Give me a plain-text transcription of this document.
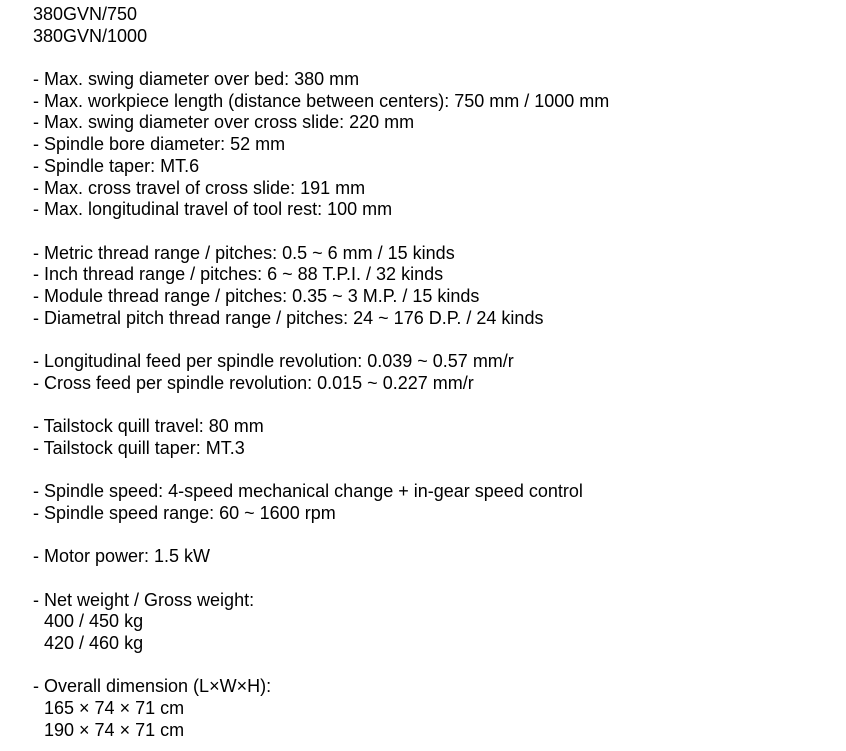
380GVN/750
380GVN/1000
- Max. swing diameter over bed: 380 mm
- Max. workpiece length (distance between centers): 750 mm / 1000 mm
- Max. swing diameter over cross slide: 220 mm
- Spindle bore diameter: 52 mm
- Spindle taper: MT.6
- Max. cross travel of cross slide: 191 mm
- Max. longitudinal travel of tool rest: 100 mm
- Metric thread range / pitches: 0.5 ~ 6 mm / 15 kinds
- Inch thread range / pitches: 6 ~ 88 T.P.I. / 32 kinds
- Module thread range / pitches: 0.35 ~ 3 M.P. / 15 kinds
- Diametral pitch thread range / pitches: 24 ~ 176 D.P. / 24 kinds
- Longitudinal feed per spindle revolution: 0.039 ~ 0.57 mm/r
- Cross feed per spindle revolution: 0.015 ~ 0.227 mm/r
- Tailstock quill travel: 80 mm
- Tailstock quill taper: MT.3
- Spindle speed: 4-speed mechanical change + in-gear speed control
- Spindle speed range: 60 ~ 1600 rpm
- Motor power: 1.5 kW
- Net weight / Gross weight:
400 / 450 kg
420 / 460 kg
- Overall dimension (L×W×H):
165 × 74 × 71 cm
190 × 74 × 71 cm
